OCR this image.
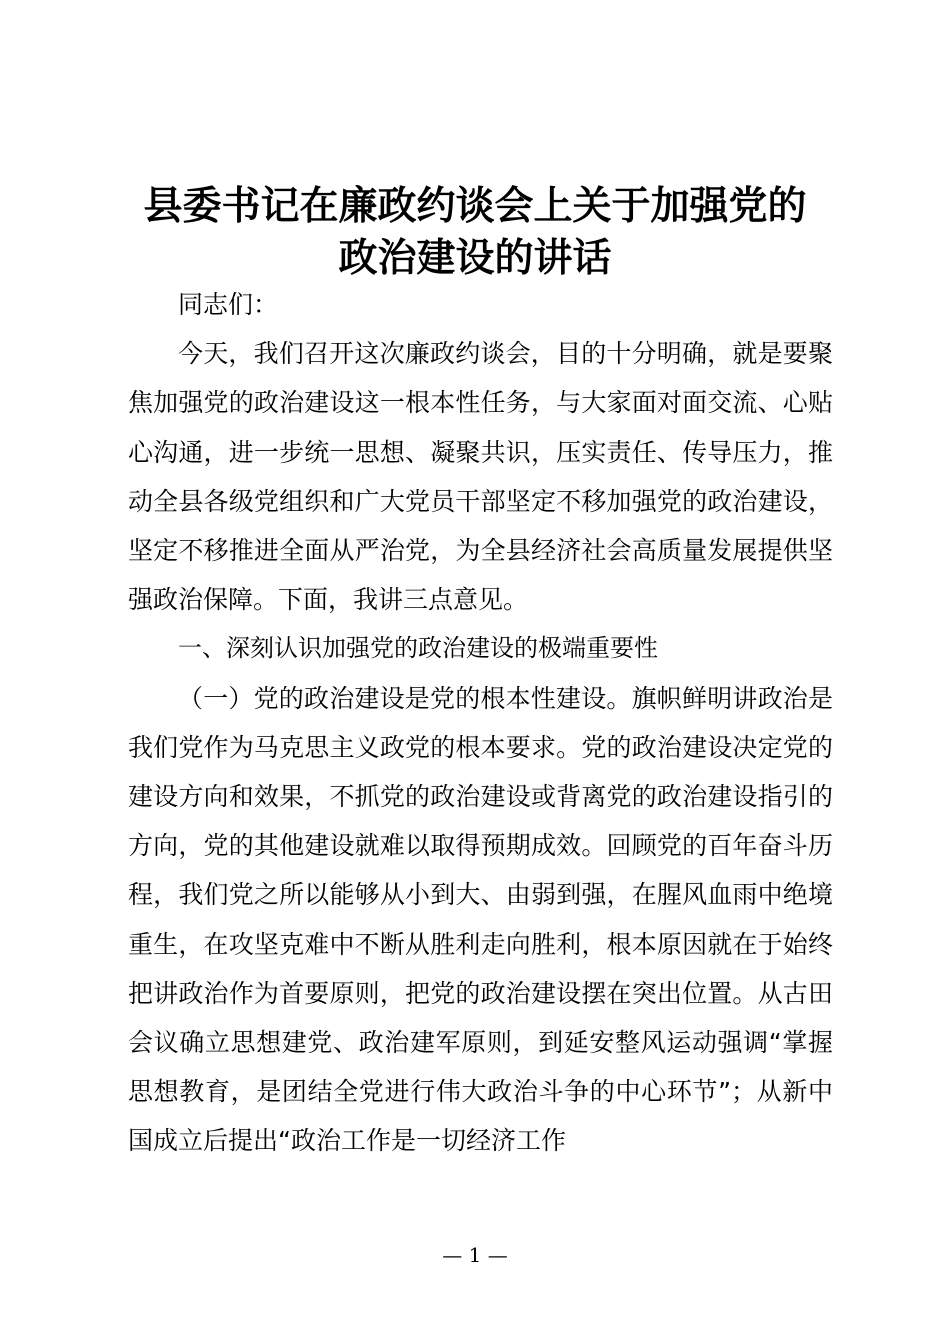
县委书记在廉政约谈会上关于加强党的
政治建设的讲话

同志们：

今天，我们召开这次廉政约谈会，目的十分明确，就是要聚焦加强党的政治建设这一根本性任务，与大家面对面交流、心贴心沟通，进一步统一思想、凝聚共识，压实责任、传导压力，推动全县各级党组织和广大党员干部坚定不移加强党的政治建设，坚定不移推进全面从严治党，为全县经济社会高质量发展提供坚强政治保障。下面，我讲三点意见。

一、深刻认识加强党的政治建设的极端重要性

（一）党的政治建设是党的根本性建设。旗帜鲜明讲政治是我们党作为马克思主义政党的根本要求。党的政治建设决定党的建设方向和效果，不抓党的政治建设或背离党的政治建设指引的方向，党的其他建设就难以取得预期成效。回顾党的百年奋斗历程，我们党之所以能够从小到大、由弱到强，在腥风血雨中绝境重生，在攻坚克难中不断从胜利走向胜利，根本原因就在于始终把讲政治作为首要原则，把党的政治建设摆在突出位置。从古田会议确立思想建党、政治建军原则，到延安整风运动强调“掌握思想教育，是团结全党进行伟大政治斗争的中心环节”；从新中国成立后提出“政治工作是一切经济工作

— 1 —
